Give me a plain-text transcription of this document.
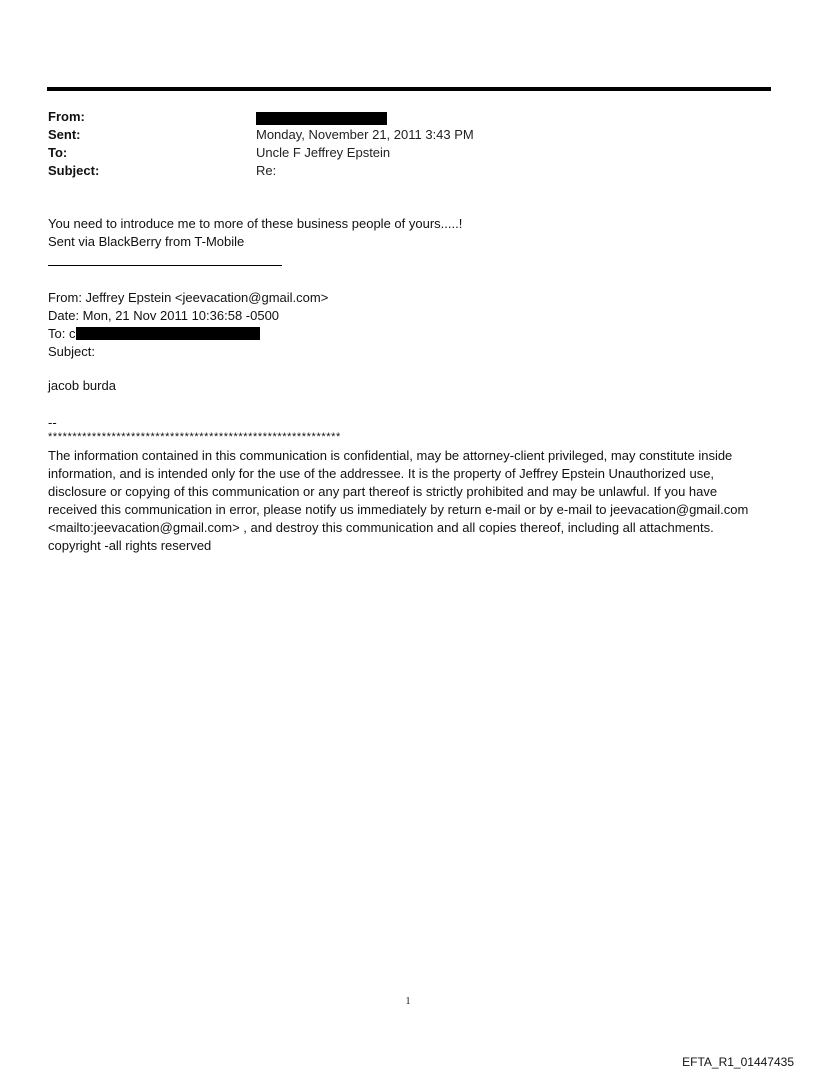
From:
Sent:	Monday, November 21, 2011 3:43 PM
To:	Uncle F Jeffrey Epstein
Subject:	Re:
You need to introduce me to more of these business people of yours.....!
Sent via BlackBerry from T-Mobile
From: Jeffrey Epstein <jeevacation@gmail.com>
Date: Mon, 21 Nov 2011 10:36:58 -0500
To: c
Subject:
jacob burda
--
************************************************************
The information contained in this communication is confidential, may be attorney-client privileged, may constitute inside information, and is intended only for the use of the addressee. It is the property of Jeffrey Epstein Unauthorized use, disclosure or copying of this communication or any part thereof is strictly prohibited and may be unlawful. If you have received this communication in error, please notify us immediately by return e-mail or by e-mail to jeevacation@gmail.com <mailto:jeevacation@gmail.com> , and destroy this communication and all copies thereof, including all attachments. copyright -all rights reserved
1
EFTA_R1_01447435
